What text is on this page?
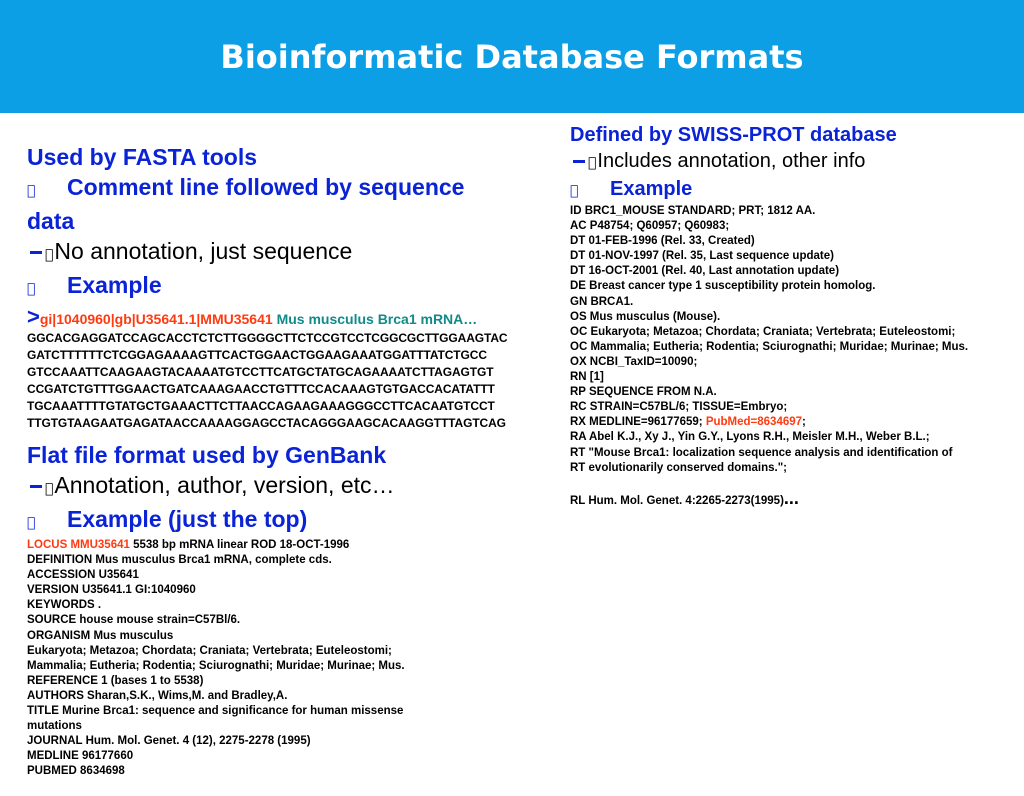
Bioinformatic Database Formats
Used by FASTA tools
Comment line followed by sequence
data
No annotation, just sequence
Example
>gi|1040960|gb|U35641.1|MMU35641 Mus musculus Brca1 mRNA…
GGCACGAGGATCCAGCACCTCTCTTGGGGCTTCTCCGTCCTCGGCGCTTGGAAGTAC
GATCTTTTTTCTCGGAGAAAAGTTCACTGGAACTGGAAGAAATGGATTTATCTGCC
GTCCAAATTCAAGAAGTACAAAATGTCCTTCATGCTATGCAGAAAATCTTAGAGTGT
CCGATCTGTTTGGAACTGATCAAAGAACCTGTTTCCACAAAGTGTGACCACATATTT
TGCAAATTTTGTATGCTGAAACTTCTTAACCAGAAGAAAGGGCCTTCACAATGTCCT
TTGTGTAAGAATGAGATAACCAAAAGGAGCCTACAGGGAAGCACAAGGTTTAGTCAG
Flat file format used by GenBank
Annotation, author, version, etc…
Example (just the top)
LOCUS MMU35641 5538 bp mRNA linear ROD 18-OCT-1996
DEFINITION Mus musculus Brca1 mRNA, complete cds.
ACCESSION U35641
VERSION U35641.1 GI:1040960
KEYWORDS .
SOURCE house mouse strain=C57Bl/6.
ORGANISM Mus musculus
Eukaryota; Metazoa; Chordata; Craniata; Vertebrata; Euteleostomi;
Mammalia; Eutheria; Rodentia; Sciurognathi; Muridae; Murinae; Mus.
REFERENCE 1 (bases 1 to 5538)
AUTHORS Sharan,S.K., Wims,M. and Bradley,A.
TITLE Murine Brca1: sequence and significance for human missense
mutations
JOURNAL Hum. Mol. Genet. 4 (12), 2275-2278 (1995)
MEDLINE 96177660
PUBMED 8634698
Defined by SWISS-PROT database
Includes annotation, other info
Example
ID BRC1_MOUSE STANDARD; PRT; 1812 AA.
AC P48754; Q60957; Q60983;
DT 01-FEB-1996 (Rel. 33, Created)
DT 01-NOV-1997 (Rel. 35, Last sequence update)
DT 16-OCT-2001 (Rel. 40, Last annotation update)
DE Breast cancer type 1 susceptibility protein homolog.
GN BRCA1.
OS Mus musculus (Mouse).
OC Eukaryota; Metazoa; Chordata; Craniata; Vertebrata; Euteleostomi;
OC Mammalia; Eutheria; Rodentia; Sciurognathi; Muridae; Murinae; Mus.
OX NCBI_TaxID=10090;
RN [1]
RP SEQUENCE FROM N.A.
RC STRAIN=C57BL/6; TISSUE=Embryo;
RX MEDLINE=96177659; PubMed=8634697;
RA Abel K.J., Xy J., Yin G.Y., Lyons R.H., Meisler M.H., Weber B.L.;
RT "Mouse Brca1: localization sequence analysis and identification of
RT evolutionarily conserved domains.";
RL Hum. Mol. Genet. 4:2265-2273(1995)...
